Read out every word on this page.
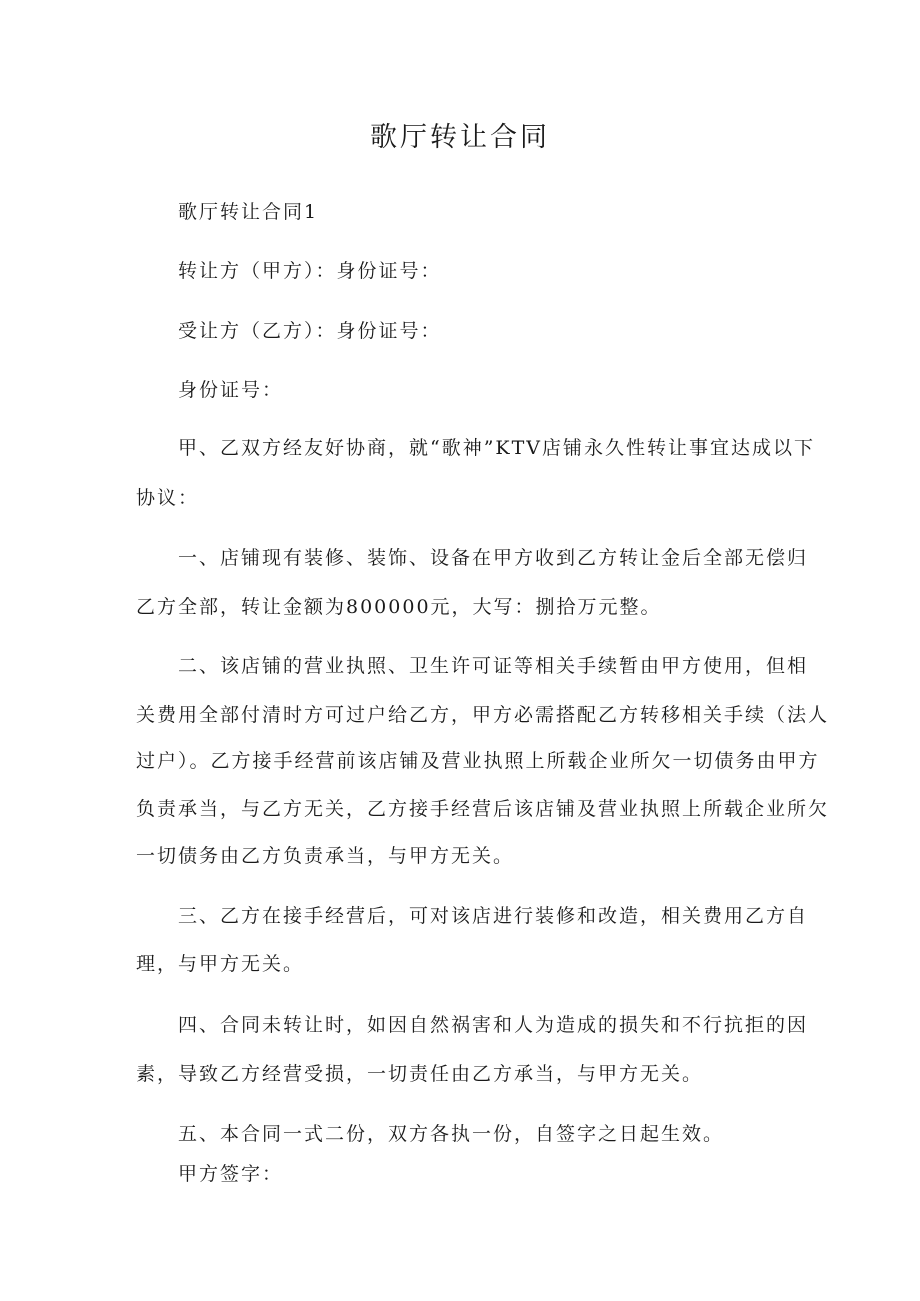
歌厅转让合同

歌厅转让合同1

转让方（甲方）：身份证号：

受让方（乙方）：身份证号：

身份证号：

甲、乙双方经友好协商，就“歌神”KTV店铺永久性转让事宜达成以下

协议：

一、店铺现有装修、装饰、设备在甲方收到乙方转让金后全部无偿归

乙方全部，转让金额为800000元，大写：捌拾万元整。

二、该店铺的营业执照、卫生许可证等相关手续暂由甲方使用，但相

关费用全部付清时方可过户给乙方，甲方必需搭配乙方转移相关手续（法人

过户）。乙方接手经营前该店铺及营业执照上所载企业所欠一切债务由甲方

负责承当，与乙方无关，乙方接手经营后该店铺及营业执照上所载企业所欠

一切债务由乙方负责承当，与甲方无关。

三、乙方在接手经营后，可对该店进行装修和改造，相关费用乙方自

理，与甲方无关。

四、合同未转让时，如因自然祸害和人为造成的损失和不行抗拒的因

素，导致乙方经营受损，一切责任由乙方承当，与甲方无关。

五、本合同一式二份，双方各执一份，自签字之日起生效。

甲方签字：
